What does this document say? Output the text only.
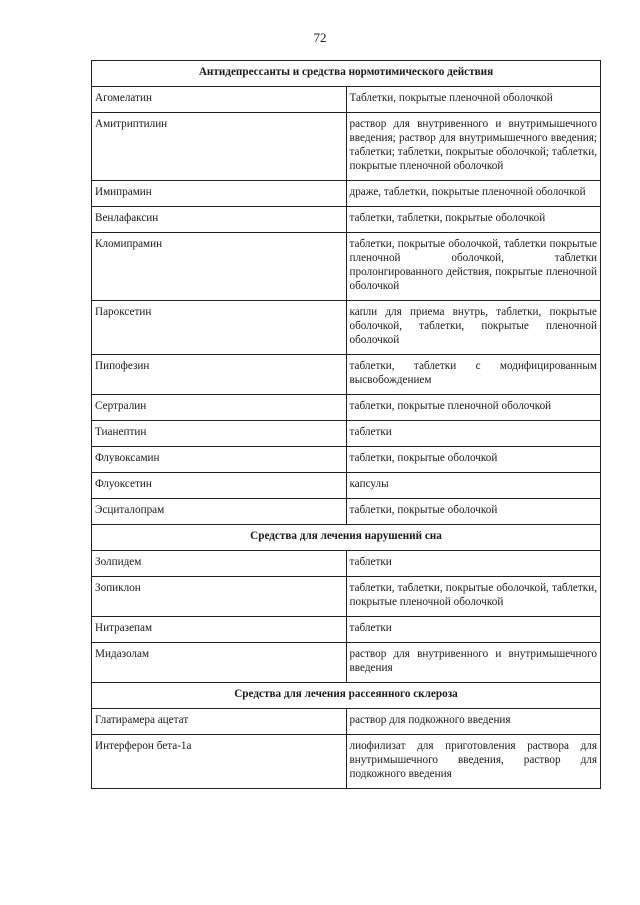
72
Антидепрессанты и средства нормотимического действия	
Агомелатин	Таблетки, покрытые пленочной оболочкой
Амитриптилин	раствор для внутривенного и внутримышечного введения; раствор для внутримышечного введения; таблетки; таблетки, покрытые оболочкой; таблетки, покрытые пленочной оболочкой
Имипрамин	драже, таблетки, покрытые пленочной оболочкой
Венлафаксин	таблетки, таблетки, покрытые оболочкой
Кломипрамин	таблетки, покрытые оболочкой, таблетки покрытые пленочной оболочкой, таблетки пролонгированного действия, покрытые пленочной оболочкой
Пароксетин	капли для приема внутрь, таблетки, покрытые оболочкой, таблетки, покрытые пленочной оболочкой
Пипофезин	таблетки, таблетки с модифицированным высвобождением
Сертралин	таблетки, покрытые пленочной оболочкой
Тианептин	таблетки
Флувоксамин	таблетки, покрытые оболочкой
Флуоксетин	капсулы
Эсциталопрам	таблетки, покрытые оболочкой
Средства для лечения нарушений сна	
Золпидем	таблетки
Зопиклон	таблетки, таблетки, покрытые оболочкой, таблетки, покрытые пленочной оболочкой
Нитразепам	таблетки
Мидазолам	раствор для внутривенного и внутримышечного введения
Средства для лечения рассеянного склероза	
Глатирамера ацетат	раствор для подкожного введения
Интерферон бета-1а	лиофилизат для приготовления раствора для внутримышечного введения, раствор для подкожного введения
